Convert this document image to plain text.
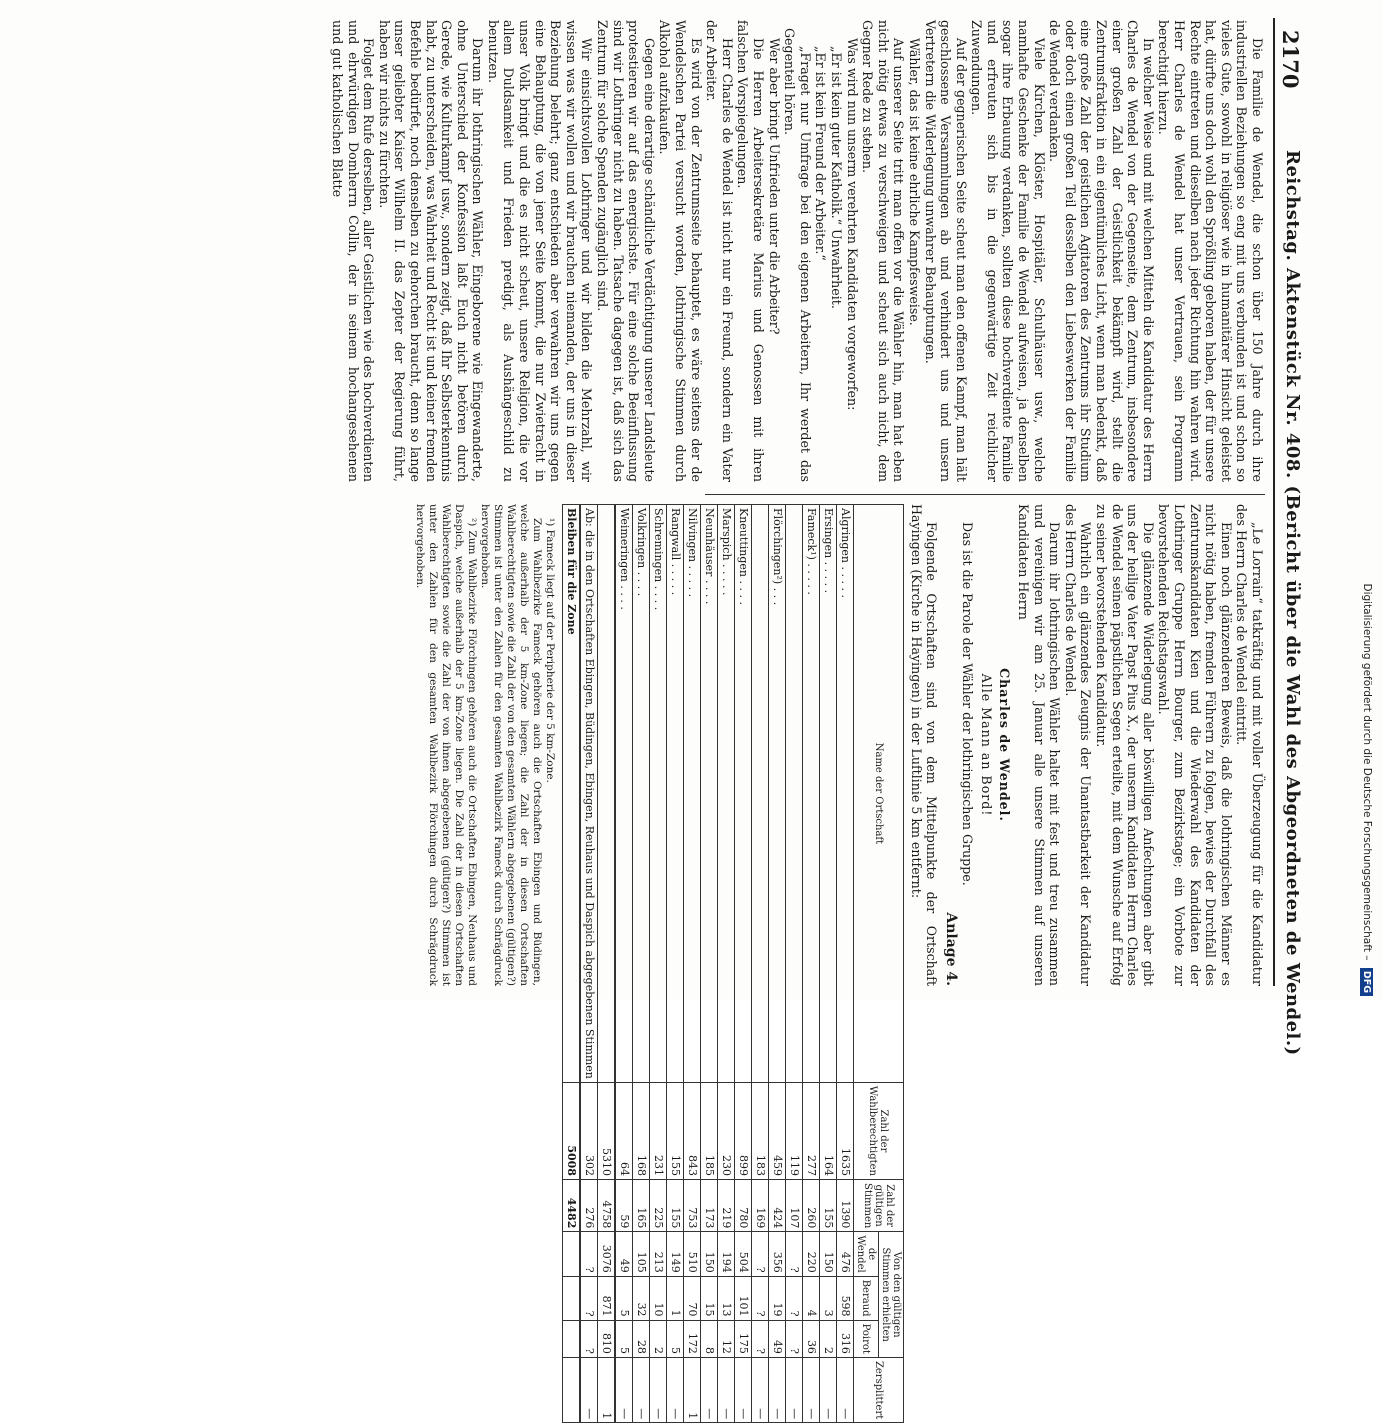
Digitalisierung gefördert durch die Deutsche Forschungsgemeinschaft – DFG
2170
Reichstag. Aktenstück Nr. 408. (Bericht über die Wahl des Abgeordneten de Wendel.)

Die Familie de Wendel, die schon über 150 Jahre durch ihre industriellen Beziehungen so eng mit uns verbunden ist und schon so vieles Gute, sowohl in religiöser wie in humanitärer Hinsicht geleistet hat, dürfte uns doch wohl den Sprößling geboren haben, der für unsere Rechte eintreten und dieselben nach jeder Richtung hin wahren wird. Herr Charles de Wendel hat unser Vertrauen, sein Programm berechtigt hierzu.

In welcher Weise und mit welchen Mitteln die Kandidatur des Herrn Charles de Wendel von der Gegenseite, dem Zentrum, insbesondere einer großen Zahl der Geistlichkeit bekämpft wird, stellt die Zentrumsfraktion in ein eigentümliches Licht, wenn man bedenkt, daß eine große Zahl der geistlichen Agitatoren des Zentrums ihr Studium oder doch einen großen Teil desselben den Liebeswerken der Familie de Wendel verdanken.

Viele Kirchen, Klöster, Hospitäler, Schulhäuser usw., welche namhafte Geschenke der Familie de Wendel aufweisen, ja denselben sogar ihre Erbauung verdanken, sollten diese hochverdiente Familie und erfreuten sich bis in die gegenwärtige Zeit reichlicher Zuwendungen.

Auf der gegnerischen Seite scheut man den offenen Kampf, man hält geschlossene Versammlungen ab und verhindert uns und unsern Vertretern die Widerlegung unwahrer Behauptungen.

Wähler, das ist keine ehrliche Kampfesweise.

Auf unserer Seite tritt man offen vor die Wähler hin, man hat eben nicht nötig etwas zu verschweigen und scheut sich auch nicht, dem Gegner Rede zu stehen.

Was wird nun unserm verehrten Kandidaten vorgeworfen:

„Er ist kein guter Katholik.“ Unwahrheit.

„Er ist kein Freund der Arbeiter.“

„Fraget nur Umfrage bei den eigenen Arbeitern, Ihr werdet das Gegenteil hören.

Wer aber bringt Unfrieden unter die Arbeiter?

Die Herren Arbeitersekretäre Marius und Genossen mit ihren falschen Vorspiegelungen.

Herr Charles de Wendel ist nicht nur ein Freund, sondern ein Vater der Arbeiter.

Es wird von der Zentrumsseite behauptet, es wäre seitens der de Wendelschen Partei versucht worden, lothringische Stimmen durch Alkohol aufzukaufen.

Gegen eine derartige schändliche Verdächtigung unserer Landsleute protestieren wir auf das energischste. Für eine solche Beeinflussung sind wir Lothringer nicht zu haben. Tatsache dagegen ist, daß sich das Zentrum für solche Spenden zugänglich sind.

Wir einsichtsvollen Lothringer und wir bilden die Mehrzahl, wir wissen was wir wollen und wir brauchen niemanden, der uns in dieser Beziehung belehrt; ganz entschieden aber verwahren wir uns gegen eine Behauptung, die von jener Seite kommt, die nur Zwietracht in unser Volk bringt und die es nicht scheut, unsere Religion, die vor allem Duldsamkeit und Frieden predigt, als Aushängeschild zu benutzen.

Darum ihr lothringischen Wähler, Eingeborene wie Eingewanderte, ohne Unterschied der Konfession laßt Euch nicht betören durch Gerede, wie Kulturkampf usw., sondern zeigt, daß Ihr Selbsterkenntnis habt, zu unterscheiden, was Wahrheit und Recht ist und keiner fremden Befehle bedürfet, noch denselben zu gehorchen braucht, denn so lange unser geliebter Kaiser Wilhelm II. das Zepter der Regierung führt, haben wir nichts zu fürchten.

Folget dem Rufe derselben, aller Geistlichen wie des hochverdienten und ehrwürdigen Domherrn Collin, der in seinem hochangesehenen und gut katholischen Blatte

„Le Lorrain“ tatkräftig und mit voller Überzeugung für die Kandidatur des Herrn Charles de Wendel eintritt.

Einen noch glänzenderen Beweis, daß die lothringischen Männer es nicht nötig haben, fremden Führern zu folgen, bewies der Durchfall des Zentrumskandidaten Kien und die Wiederwahl des Kandidaten der Lothringer Gruppe Herrn Bourger, zum Bezirkstage; ein Vorbote zur bevorstehenden Reichstagswahl.

Die glänzende Widerlegung aller böswilligen Anfechtungen aber gibt uns der heilige Vater Papst Pius X., der unserm Kandidaten Herrn Charles de Wendel seinen päpstlichen Segen erteilte, mit dem Wunsche auf Erfolg zu seiner bevorstehenden Kandidatur.

Wahrlich ein glänzendes Zeugnis der Unantastbarkeit der Kandidatur des Herrn Charles de Wendel.

Darum ihr lothringischen Wähler haltet mit fest und treu zusammen und vereinigen wir am 25. Januar alle unsere Stimmen auf unseren Kandidaten Herrn

Charles de Wendel.

Alle Mann an Bord!

Das ist die Parole der Wähler der lothringischen Gruppe.

Anlage 4.

Folgende Ortschaften sind von dem Mittelpunkte der Ortschaft Hayingen (Kirche in Hayingen) in der Luftlinie 5 km entfernt:

Name der Ortschaft	Zahl der Wahlberechtigten	Zahl der gültigen Stimmen	Von den gültigen Stimmen erhielten			Zersplittert
			de Wendel	Beraud	Poirot	
Algringen . . . . .	1635	1390	476	598	316	—
Ersingen . . . . .	164	155	150	3	2	—
Fameck¹) . . . . .	277	260	220	4	36	—
	119	107	?	?	?	—
Flörchingen²) . . .	459	424	356	19	49	—
	183	169	?	?	?	—
Kneuttingen . . . .	899	780	504	101	175	—
Marspich . . . . .	230	219	194	13	12	—
Neunhäuser . . . .	185	173	150	15	8	—
Nilvingen . . . . .	843	753	510	70	172	1
Rangwall . . . . .	155	155	149	1	5	—
Schremingen . . . .	231	225	213	10	2	—
Volkringen . . . .	168	165	105	32	28	—
Weimeringen . . . .	64	59	49	5	5	—
	5310	4758	3076	871	810	1
Ab: die in den Ortschaften Ebingen, Büdingen, Ebingen, Reuhaus und Daspich abgegebenen Stimmen	302	276	?	?	?	—
Bleiben für die Zone	5008	4482				

¹) Fameck liegt auf der Peripherie der 5 km-Zone.

Zum Wahlbezirke Fameck gehören auch die Ortschaften Ebingen und Büdingen, welche außerhalb der 5 km-Zone liegen; die Zahl der in diesen Ortschaften Wahlberechtigten sowie die Zahl der von den gesamten Wählern abgegebenen (gültigen?) Stimmen ist unter den Zahlen für den gesamten Wahlbezirk Fameck durch Schrägdruck hervorgehoben.

²) Zum Wahlbezirke Flörchingen gehören auch die Ortschaften Ebingen, Neuhaus und Daspich, welche außerhalb der 5 km-Zone liegen. Die Zahl der in diesen Ortschaften Wahlberechtigten sowie die Zahl der von ihnen abgegebenen (gültigen?) Stimmen ist unter den Zahlen für den gesamten Wahlbezirk Flörchingen durch Schrägdruck hervorgehoben.
